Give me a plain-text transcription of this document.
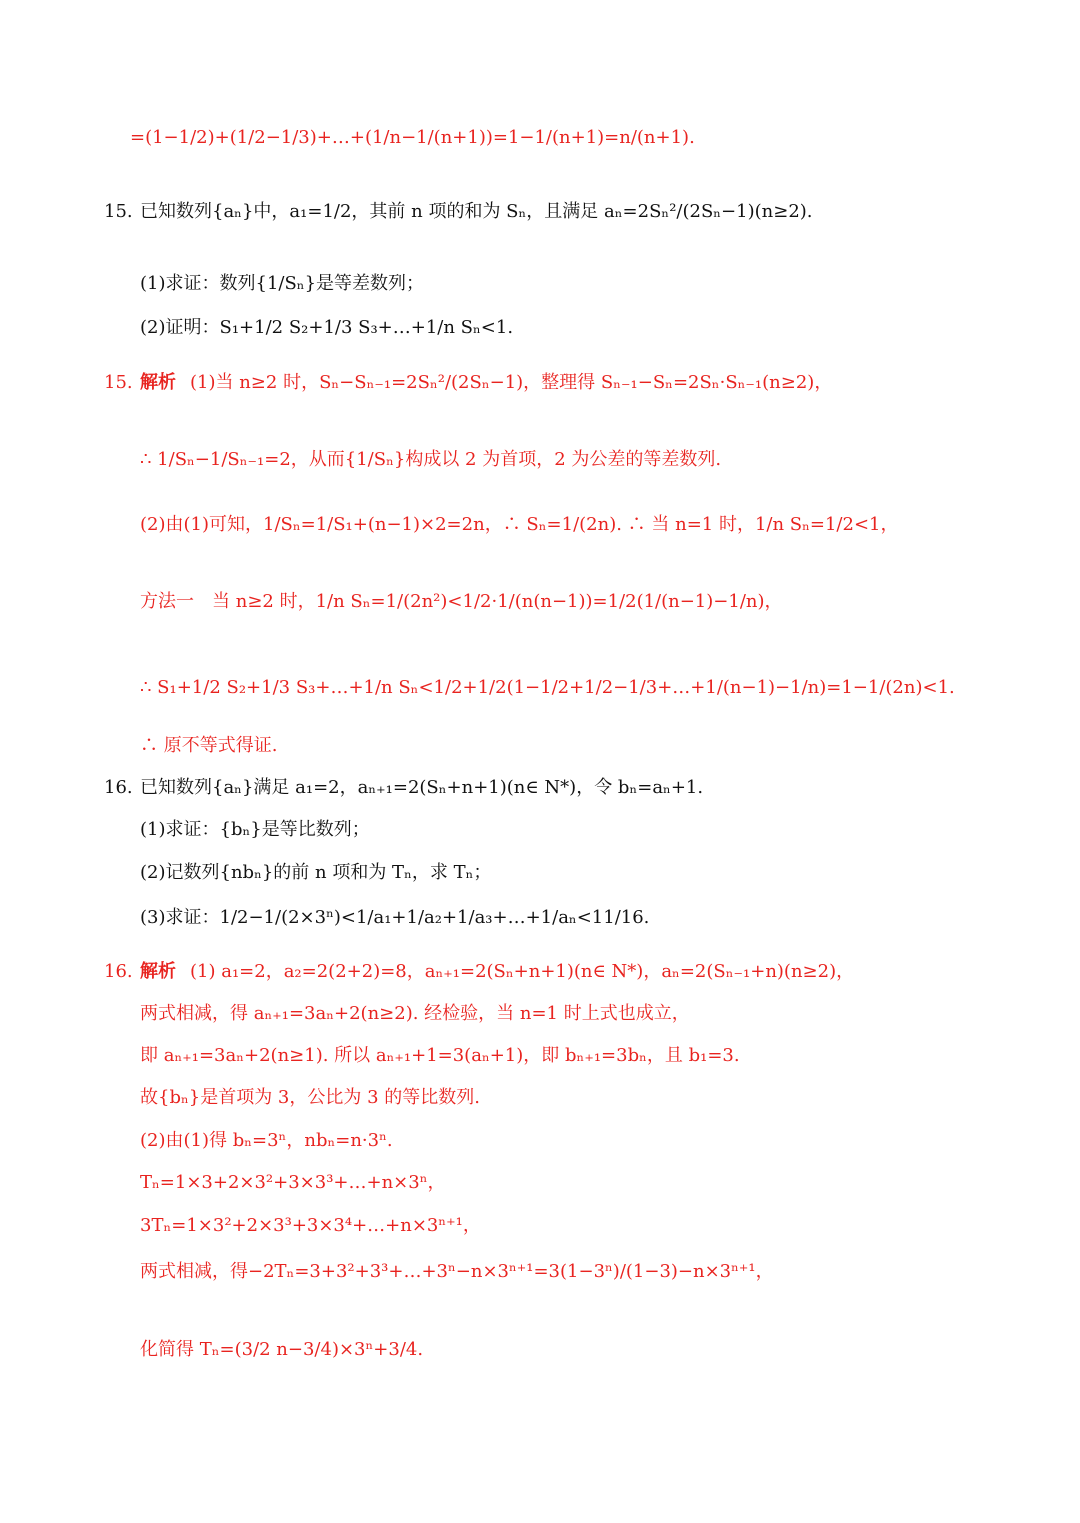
=(1−1/2)+(1/2−1/3)+…+(1/n−1/(n+1))=1−1/(n+1)=n/(n+1).
15. 已知数列{aₙ}中，a₁=1/2，其前 n 项的和为 Sₙ，且满足 aₙ=2Sₙ²/(2Sₙ−1)(n≥2).
(1)求证：数列{1/Sₙ}是等差数列；
(2)证明：S₁+1/2 S₂+1/3 S₃+…+1/n Sₙ<1.
15. 解析 (1)当 n≥2 时，Sₙ−Sₙ₋₁=2Sₙ²/(2Sₙ−1)，整理得 Sₙ₋₁−Sₙ=2Sₙ·Sₙ₋₁(n≥2)，
∴ 1/Sₙ−1/Sₙ₋₁=2，从而{1/Sₙ}构成以 2 为首项，2 为公差的等差数列.
(2)由(1)可知，1/Sₙ=1/S₁+(n−1)×2=2n，∴ Sₙ=1/(2n). ∴ 当 n=1 时，1/n Sₙ=1/2<1，
方法一　当 n≥2 时，1/n Sₙ=1/(2n²)<1/2·1/(n(n−1))=1/2(1/(n−1)−1/n)，
∴ S₁+1/2 S₂+1/3 S₃+…+1/n Sₙ<1/2+1/2(1−1/2+1/2−1/3+…+1/(n−1)−1/n)=1−1/(2n)<1.
∴ 原不等式得证.
16. 已知数列{aₙ}满足 a₁=2，aₙ₊₁=2(Sₙ+n+1)(n∈ N*)，令 bₙ=aₙ+1.
(1)求证：{bₙ}是等比数列；
(2)记数列{nbₙ}的前 n 项和为 Tₙ，求 Tₙ；
(3)求证：1/2−1/(2×3ⁿ)<1/a₁+1/a₂+1/a₃+…+1/aₙ<11/16.
16. 解析 (1) a₁=2，a₂=2(2+2)=8，aₙ₊₁=2(Sₙ+n+1)(n∈ N*)，aₙ=2(Sₙ₋₁+n)(n≥2)，
两式相减，得 aₙ₊₁=3aₙ+2(n≥2). 经检验，当 n=1 时上式也成立，
即 aₙ₊₁=3aₙ+2(n≥1). 所以 aₙ₊₁+1=3(aₙ+1)，即 bₙ₊₁=3bₙ，且 b₁=3.
故{bₙ}是首项为 3，公比为 3 的等比数列.
(2)由(1)得 bₙ=3ⁿ，nbₙ=n·3ⁿ.
Tₙ=1×3+2×3²+3×3³+…+n×3ⁿ，
3Tₙ=1×3²+2×3³+3×3⁴+…+n×3ⁿ⁺¹，
两式相减，得−2Tₙ=3+3²+3³+…+3ⁿ−n×3ⁿ⁺¹=3(1−3ⁿ)/(1−3)−n×3ⁿ⁺¹，
化简得 Tₙ=(3/2 n−3/4)×3ⁿ+3/4.
